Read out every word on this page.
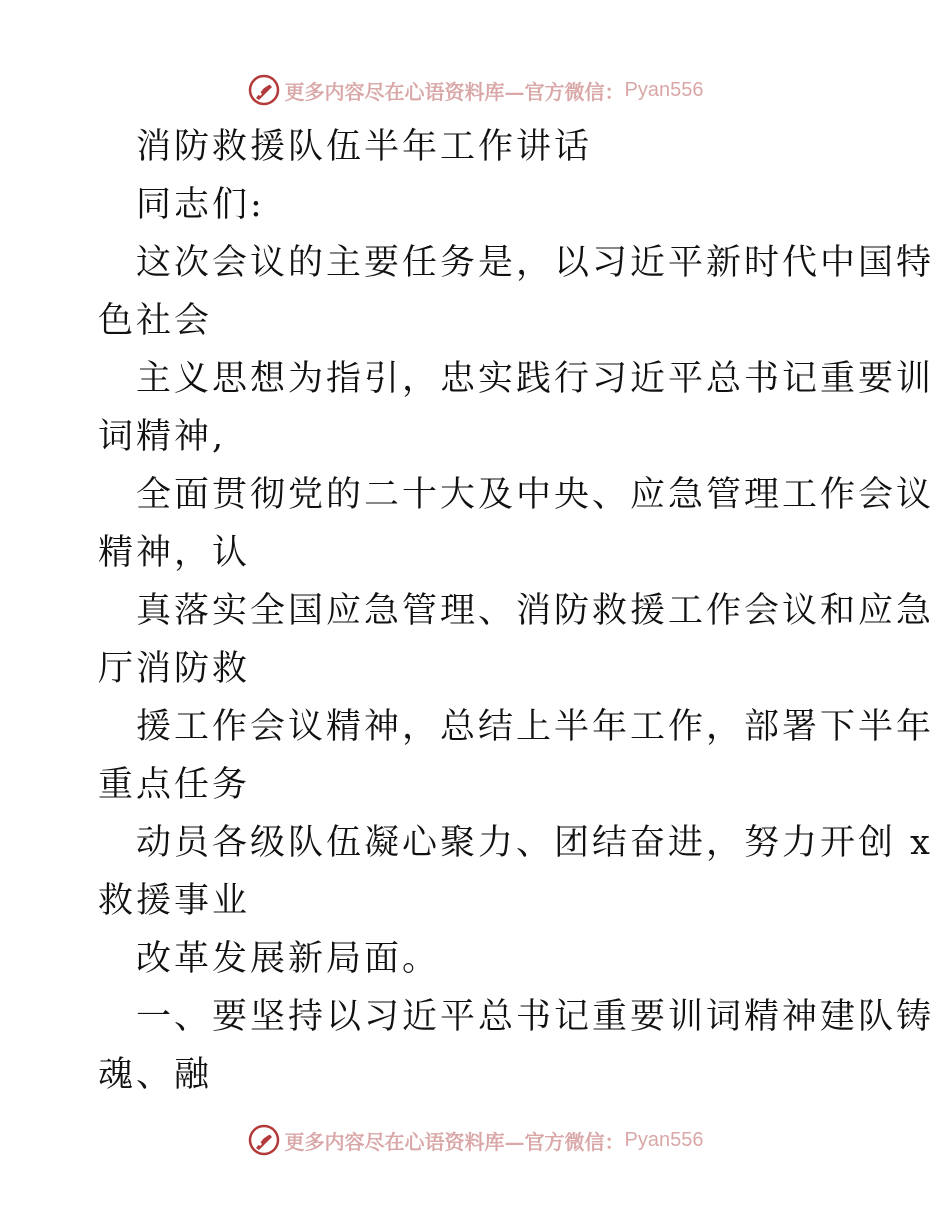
更多内容尽在心语资料库—官方微信： Pyan556
消防救援队伍半年工作讲话
同志们:
这次会议的主要任务是，以习近平新时代中国特
色社会
主义思想为指引，忠实践行习近平总书记重要训
词精神,
全面贯彻党的二十大及中央、应急管理工作会议
精神，认
真落实全国应急管理、消防救援工作会议和应急
厅消防救
援工作会议精神，总结上半年工作，部署下半年
重点任务
动员各级队伍凝心聚力、团结奋进，努力开创 x
救援事业
改革发展新局面。
一、要坚持以习近平总书记重要训词精神建队铸
魂、融
更多内容尽在心语资料库—官方微信： Pyan556
